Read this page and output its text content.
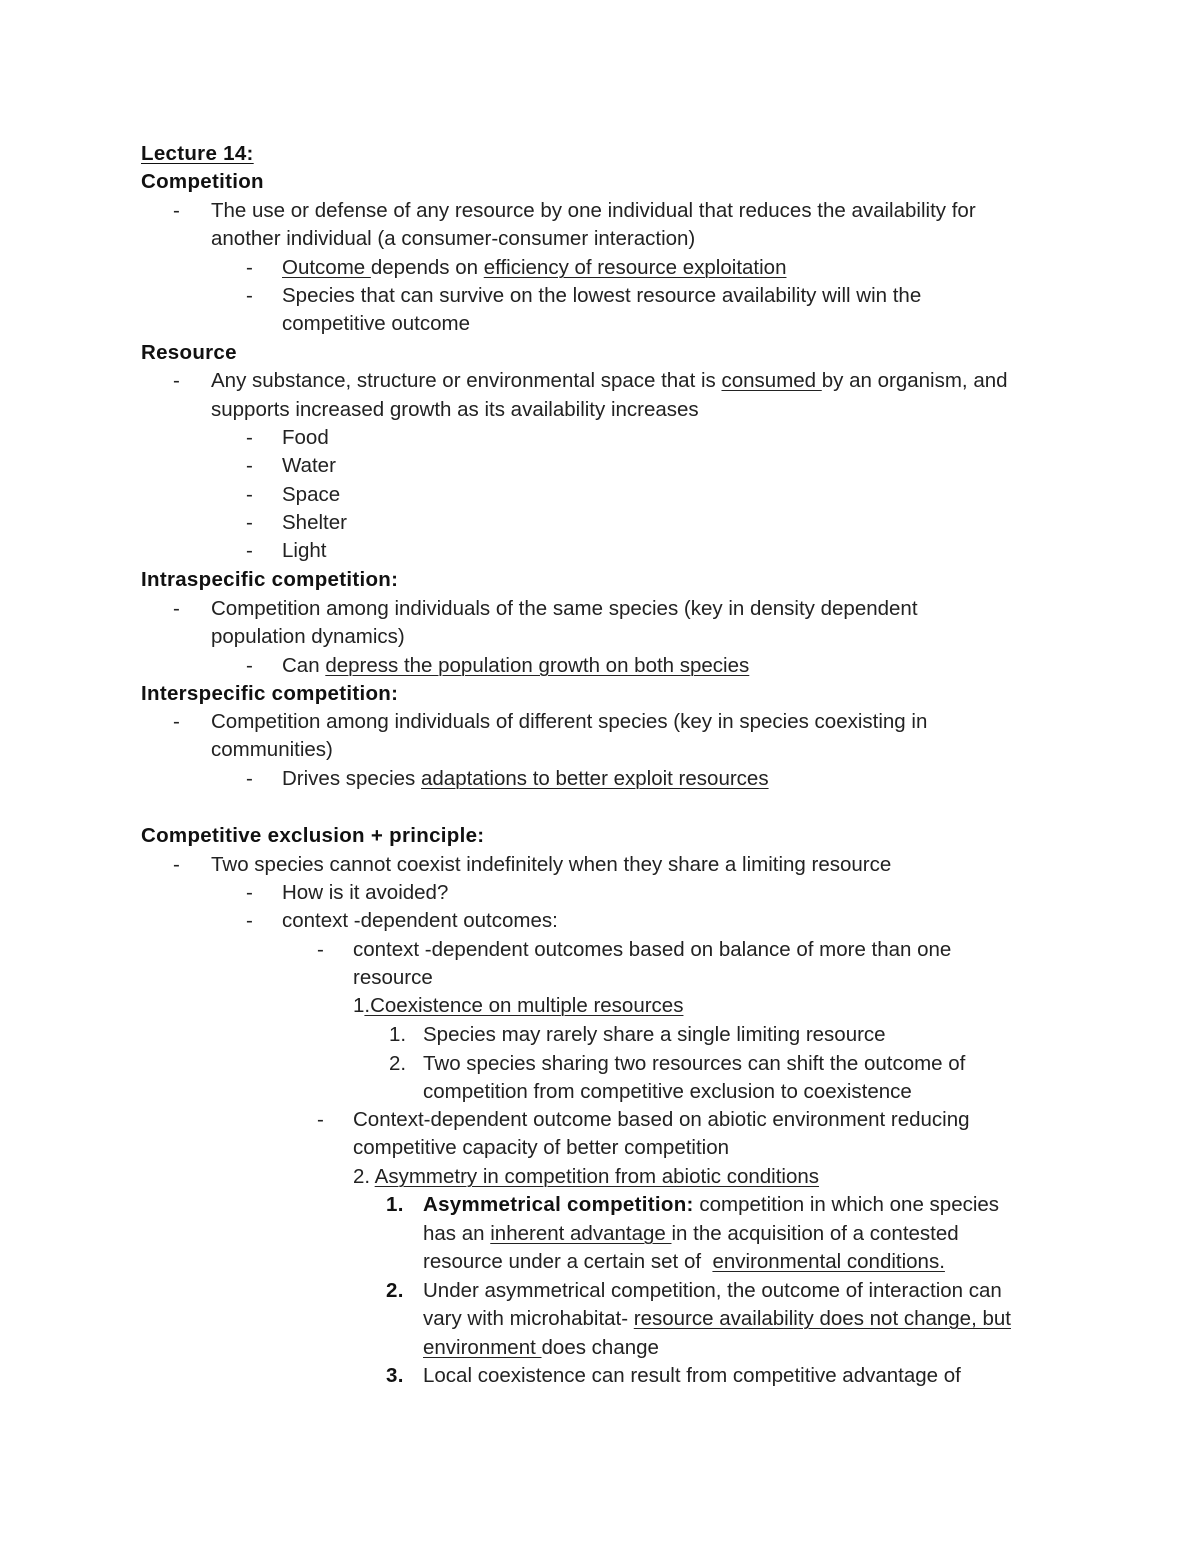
Lecture 14:
Competition
- The use or defense of any resource by one individual that reduces the availability for
another individual (a consumer-consumer interaction)
- Outcome depends on efficiency of resource exploitation
- Species that can survive on the lowest resource availability will win the
competitive outcome
Resource
- Any substance, structure or environmental space that is consumed by an organism, and
supports increased growth as its availability increases
- Food
- Water
- Space
- Shelter
- Light
Intraspecific competition:
- Competition among individuals of the same species (key in density dependent
population dynamics)
- Can depress the population growth on both species
Interspecific competition:
- Competition among individuals of different species (key in species coexisting in
communities)
- Drives species adaptations to better exploit resources
Competitive exclusion + principle:
- Two species cannot coexist indefinitely when they share a limiting resource
- How is it avoided?
- context -dependent outcomes:
- context -dependent outcomes based on balance of more than one
resource
1.Coexistence on multiple resources
1. Species may rarely share a single limiting resource
2. Two species sharing two resources can shift the outcome of
competition from competitive exclusion to coexistence
- Context-dependent outcome based on abiotic environment reducing
competitive capacity of better competition
2. Asymmetry in competition from abiotic conditions
1. Asymmetrical competition: competition in which one species
has an inherent advantage in the acquisition of a contested
resource under a certain set of  environmental conditions.
2. Under asymmetrical competition, the outcome of interaction can
vary with microhabitat- resource availability does not change, but
environment does change
3. Local coexistence can result from competitive advantage of
